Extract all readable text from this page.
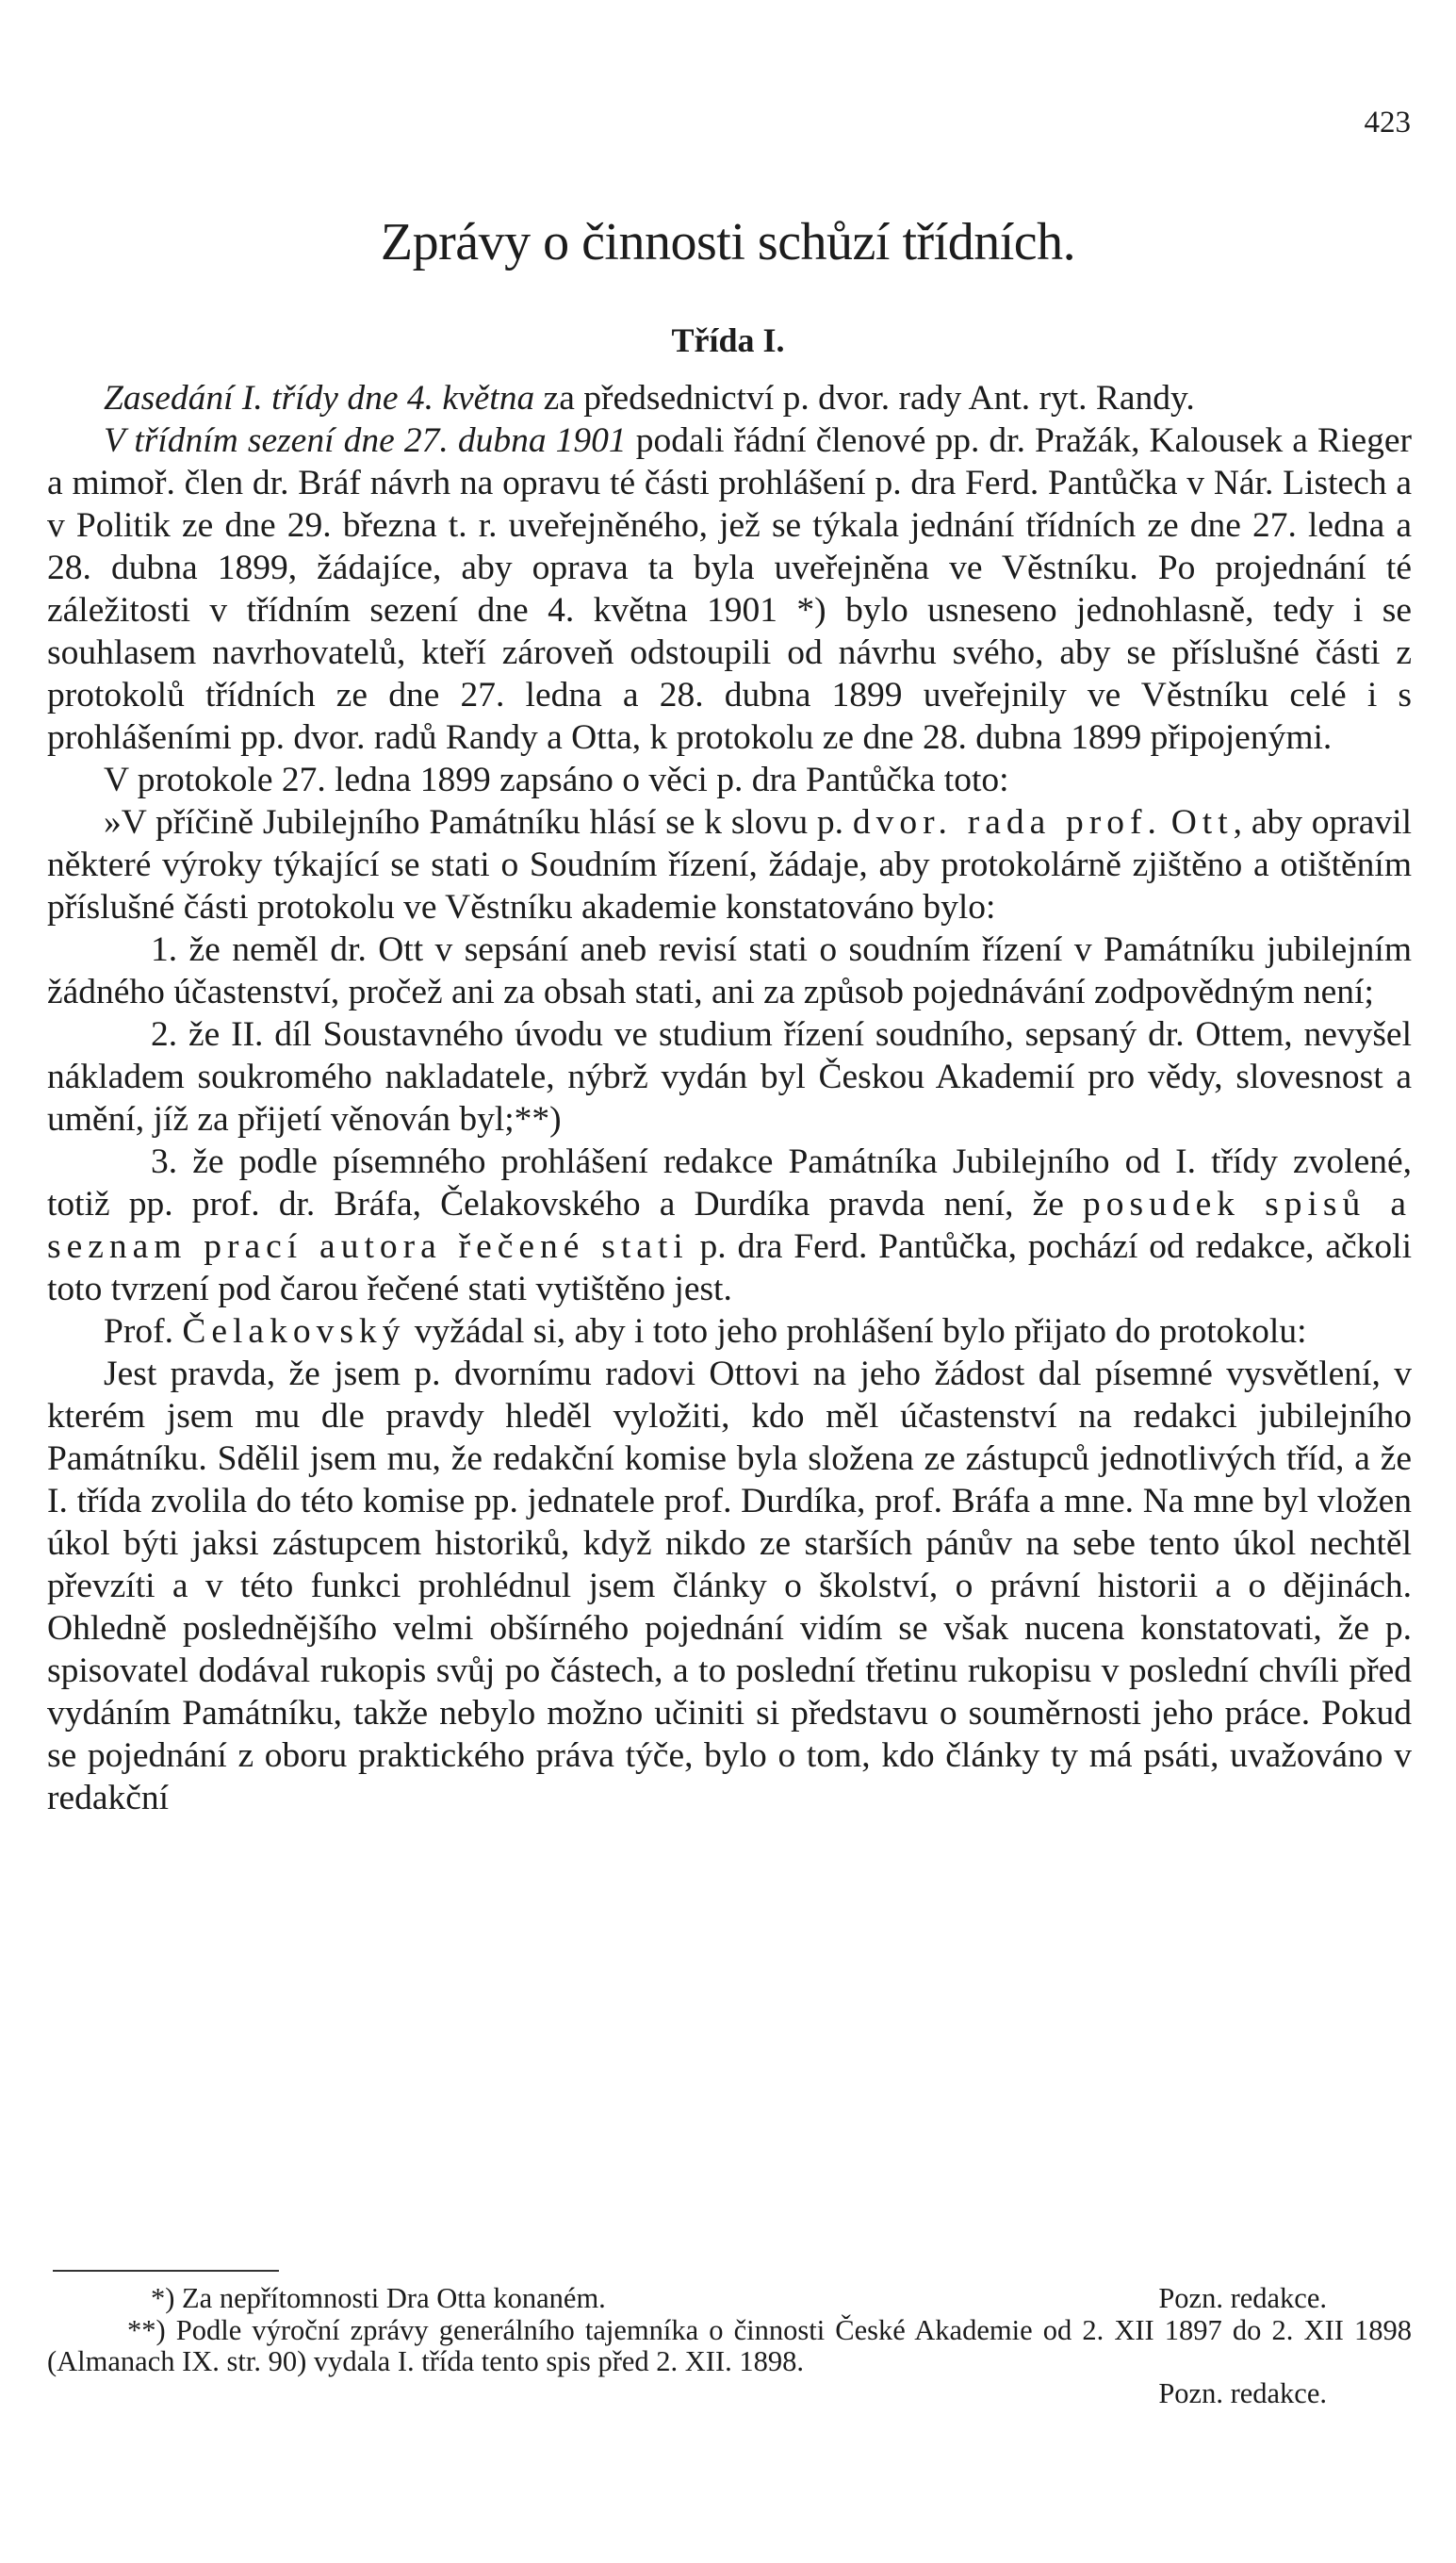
423
Zprávy o činnosti schůzí třídních.
Třída I.

Zasedání I. třídy dne 4. května za předsednictví p. dvor. rady Ant. ryt. Randy.

V třídním sezení dne 27. dubna 1901 podali řádní členové pp. dr. Pražák, Kalousek a Rieger a mimoř. člen dr. Bráf návrh na opravu té části prohlášení p. dra Ferd. Pantůčka v Nár. Listech a v Politik ze dne 29. března t. r. uveřejněného, jež se týkala jednání třídních ze dne 27. ledna a 28. dubna 1899, žádajíce, aby oprava ta byla uveřejněna ve Věstníku. Po projednání té záležitosti v třídním sezení dne 4. května 1901 *) bylo usneseno jednohlasně, tedy i se souhlasem navrhovatelů, kteří zároveň odstoupili od návrhu svého, aby se příslušné části z protokolů třídních ze dne 27. ledna a 28. dubna 1899 uveřejnily ve Věstníku celé i s prohlášeními pp. dvor. radů Randy a Otta, k protokolu ze dne 28. dubna 1899 připojenými.

V protokole 27. ledna 1899 zapsáno o věci p. dra Pantůčka toto:

»V příčině Jubilejního Památníku hlásí se k slovu p. dvor. rada prof. Ott, aby opravil některé výroky týkající se stati o Soudním řízení, žádaje, aby protokolárně zjištěno a otištěním příslušné části protokolu ve Věstníku akademie konstatováno bylo:

1. že neměl dr. Ott v sepsání aneb revisí stati o soudním řízení v Památníku jubilejním žádného účastenství, pročež ani za obsah stati, ani za způsob pojednávání zodpovědným není;

2. že II. díl Soustavného úvodu ve studium řízení soudního, sepsaný dr. Ottem, nevyšel nákladem soukromého nakladatele, nýbrž vydán byl Českou Akademií pro vědy, slovesnost a umění, jíž za přijetí věnován byl;**)

3. že podle písemného prohlášení redakce Památníka Jubilejního od I. třídy zvolené, totiž pp. prof. dr. Bráfa, Čelakovského a Durdíka pravda není, že posudek spisů a seznam prací autora řečené stati p. dra Ferd. Pantůčka, pochází od redakce, ačkoli toto tvrzení pod čarou řečené stati vytištěno jest.

Prof. Čelakovský vyžádal si, aby i toto jeho prohlášení bylo přijato do protokolu:

Jest pravda, že jsem p. dvornímu radovi Ottovi na jeho žádost dal písemné vysvětlení, v kterém jsem mu dle pravdy hleděl vyložiti, kdo měl účastenství na redakci jubilejního Památníku. Sdělil jsem mu, že redakční komise byla složena ze zástupců jednotlivých tříd, a že I. třída zvolila do této komise pp. jednatele prof. Durdíka, prof. Bráfa a mne. Na mne byl vložen úkol býti jaksi zástupcem historiků, když nikdo ze starších pánův na sebe tento úkol nechtěl převzíti a v této funkci prohlédnul jsem články o školství, o právní historii a o dějinách. Ohledně poslednějšího velmi obšírného pojednání vidím se však nucena konstatovati, že p. spisovatel dodával rukopis svůj po částech, a to poslední třetinu rukopisu v poslední chvíli před vydáním Památníku, takže nebylo možno učiniti si představu o souměrnosti jeho práce. Pokud se pojednání z oboru praktického práva týče, bylo o tom, kdo články ty má psáti, uvažováno v redakční

*) Za nepřítomnosti Dra Otta konaném.	Pozn. redakce.

**) Podle výroční zprávy generálního tajemníka o činnosti České Akademie od 2. XII 1897 do 2. XII 1898 (Almanach IX. str. 90) vydala I. třída tento spis před 2. XII. 1898.

Pozn. redakce.
